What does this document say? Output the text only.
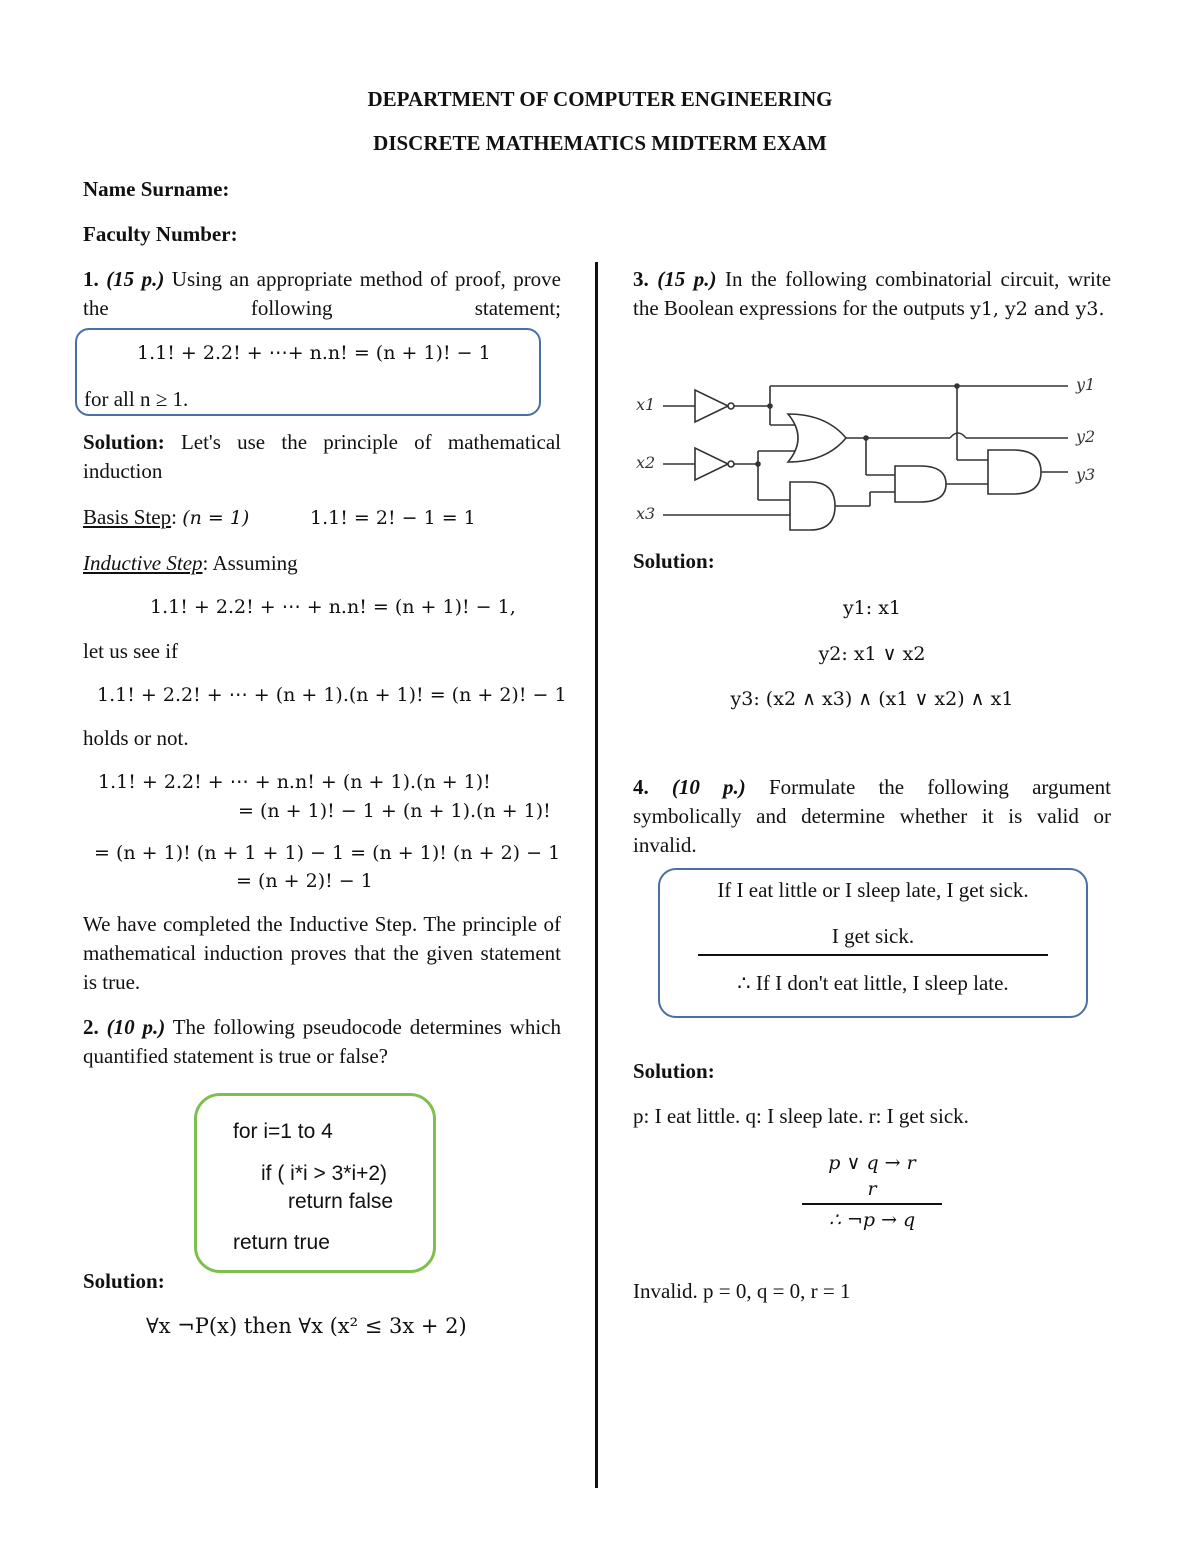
DEPARTMENT OF COMPUTER ENGINEERING
DISCRETE MATHEMATICS MIDTERM EXAM
Name Surname:
Faculty Number:
1. (15 p.) Using an appropriate method of proof, prove the following statement;
1.1! + 2.2! + ⋯+ n.n! = (n + 1)! − 1
for all n ≥ 1.
Solution: Let's use the principle of mathematical induction
Basis Step: (n = 1)	1.1! = 2! − 1 = 1
Inductive Step: Assuming
1.1! + 2.2! + ⋯ + n.n! = (n + 1)! − 1,
let us see if
1.1! + 2.2! + ⋯ + (n + 1).(n + 1)! = (n + 2)! − 1
holds or not.
1.1! + 2.2! + ⋯ + n.n! + (n + 1).(n + 1)!
= (n + 1)! − 1 + (n + 1).(n + 1)!
= (n + 1)! (n + 1 + 1) − 1 = (n + 1)! (n + 2) − 1
= (n + 2)! − 1
We have completed the Inductive Step. The principle of mathematical induction proves that the given statement is true.
2. (10 p.) The following pseudocode determines which quantified statement is true or false?
for i=1 to 4
if ( i*i > 3*i+2)
return false
return true
Solution:
∀x ¬P(x) then ∀x (x² ≤ 3x + 2)
3. (15 p.) In the following combinatorial circuit, write the Boolean expressions for the outputs y1, y2 and y3.
x1
x2
x3
y1
y2
y3
Solution:
y1: x1
y2: x1 ∨ x2
y3: (x2 ∧ x3) ∧ (x1 ∨ x2) ∧ x1
4. (10 p.) Formulate the following argument symbolically and determine whether it is valid or invalid.
If I eat little or I sleep late, I get sick.
I get sick.
∴ If I don't eat little, I sleep late.
Solution:
p: I eat little. q: I sleep late. r: I get sick.
p ∨ q → r
r
∴ ¬p → q
Invalid. p = 0, q = 0, r = 1
